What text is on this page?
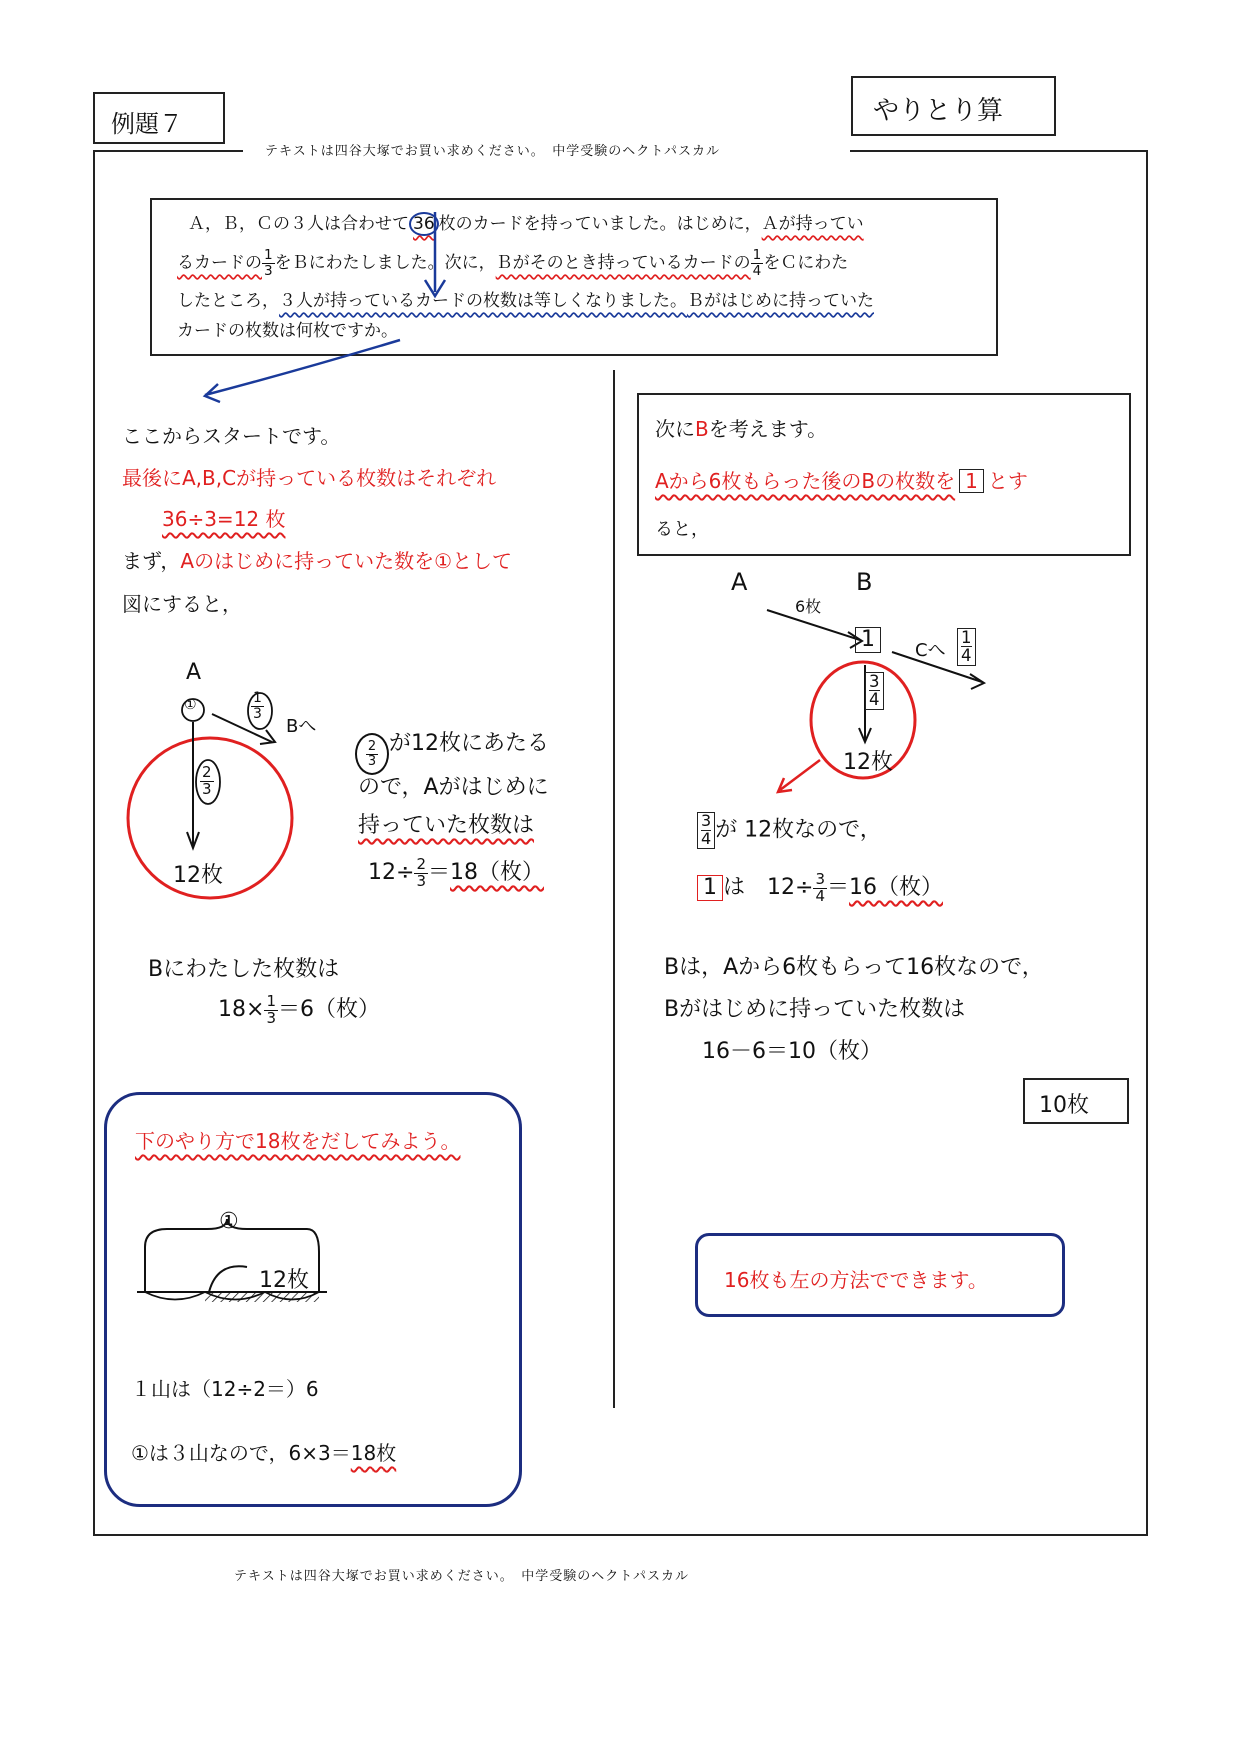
例題７	やりとり算
テキストは四谷大塚でお買い求めください。　中学受験のヘクトパスカル
Ａ，Ｂ，Ｃの３人は合わせて 36 枚のカードを持っていました。はじめに，Ａが持ってい
るカードの $\frac{1}{3}$ をＢにわたしました。次に，Ｂがそのとき持っているカードの $\frac{1}{4}$ をＣにわた
したところ，３人が持っているカードの枚数は等しくなりました。Ｂがはじめに持っていた
カードの枚数は何枚ですか。
ここからスタートです。
最後にA,B,Cが持っている枚数はそれぞれ
36÷3=12 枚
まず，Aのはじめに持っていた数を①として
図にすると，
A
①	$\frac{1}{3}$
Bへ
$\frac{2}{3}$
12枚
$\frac{2}{3}$ が12枚にあたる
ので，Aがはじめに
持っていた枚数は
$12\div \frac{2}{3} =18$（枚）
Bにわたした枚数は
$18\times \frac{1}{3} =6$（枚）
下のやり方で18枚をだしてみよう。
①
12枚
１山は（12÷2＝）6
①は３山なので，6×3＝18枚
次にBを考えます。
Aから6枚もらった後のBの枚数を 1 とす
ると，
A	B
6枚
1	Cへ $\frac{1}{4}$
$\frac{3}{4}$
12枚
$\frac{3}{4}$ が 12枚なので，
1 は　$12\div \frac{3}{4} =16$（枚）
Bは，Aから6枚もらって16枚なので，
Bがはじめに持っていた枚数は
16－6＝10（枚）
10枚
16枚も左の方法でできます。
テキストは四谷大塚でお買い求めください。　中学受験のヘクトパスカル
